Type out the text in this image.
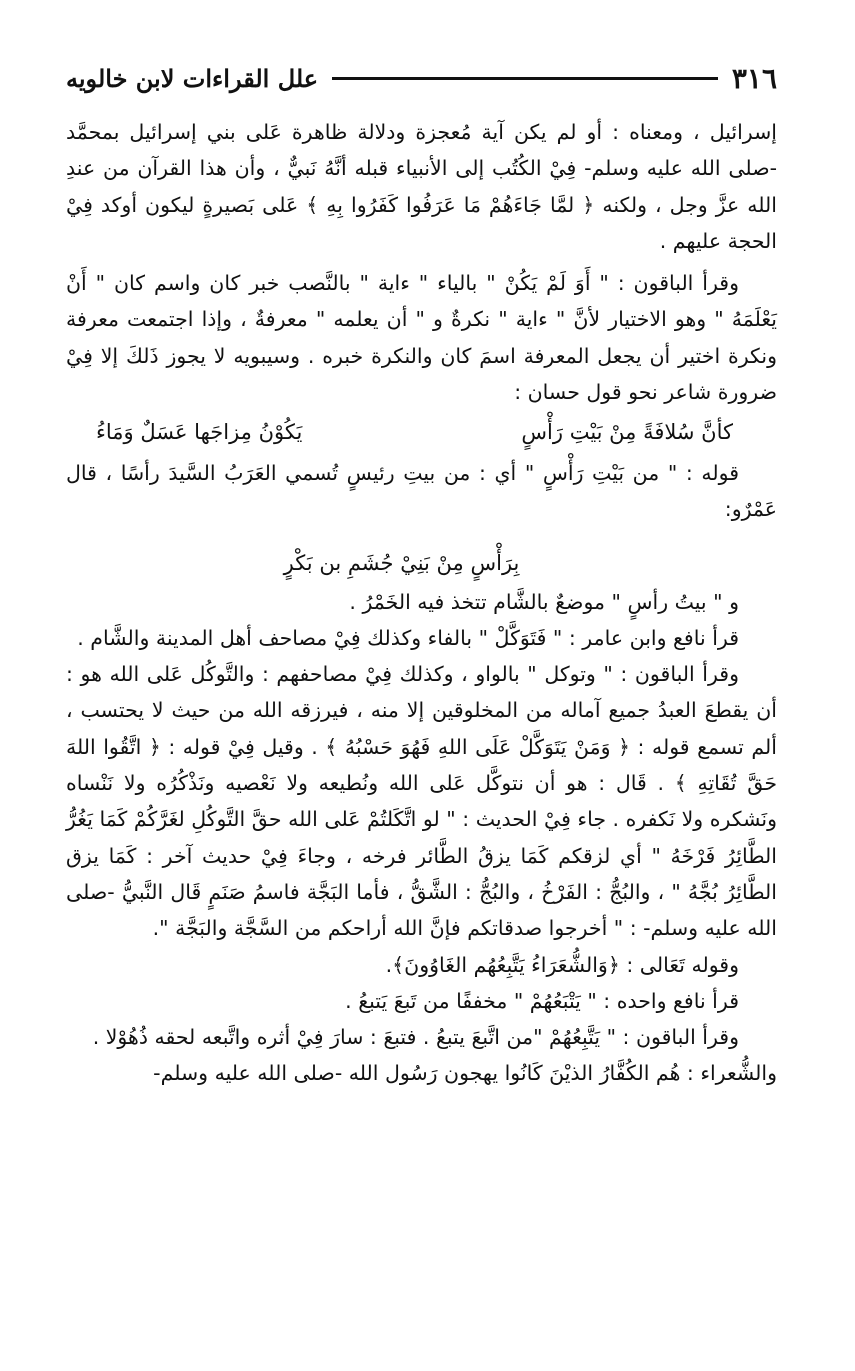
٣١٦
علل القراءات لابن خالويه

إسرائيل ، ومعناه : أو لم يكن آية مُعجزة ودلالة ظاهرة عَلى بني إسرائيل بمحمَّد -صلى الله عليه وسلم- فِيْ الكُتُب إلى الأنبياء قبله أنَّهُ نَبيٌّ ، وأن هذا القرآن من عندِ الله عزَّ وجل ، ولكنه ﴿ لمَّا جَاءَهُمْ مَا عَرَفُوا كَفَرُوا بِهِ ﴾ عَلى بَصيرةٍ ليكون أوكد فِيْ الحجة عليهم .

وقرأ الباقون : " أَوَ لَمْ يَكُنْ " بالياء " ءاية " بالنَّصب خبر كان واسم كان " أَنْ يَعْلَمَهُ " وهو الاختيار لأنَّ " ءاية " نكرةٌ و " أن يعلمه " معرفةٌ ، وإذا اجتمعت معرفة ونكرة اختير أن يجعل المعرفة اسمَ كان والنكرة خبره . وسيبويه لا يجوز ذَلكَ إلا فِيْ ضرورة شاعر نحو قول حسان :

كأنَّ سُلافَةً مِنْ بَيْتِ رَأْسٍ
يَكُوْنُ مِزاجَها عَسَلٌ وَمَاءُ

قوله : " من بَيْتِ رَأْسٍ " أي : من بيتِ رئيسٍ تُسمي العَرَبُ السَّيدَ رأسًا ، قال عَمْرٌو:

بِرَأْسٍ مِنْ بَنِيْ جُشَمِ بن بَكْرٍ

و " بيتُ رأسٍ " موضعٌ بالشَّام تتخذ فيه الخَمْرُ .

قرأ نافع وابن عامر : " فَتَوَكَّلْ " بالفاء وكذلك فِيْ مصاحف أهل المدينة والشَّام .

وقرأ الباقون : " وتوكل " بالواو ، وكذلك فِيْ مصاحفهم : والتَّوكُل عَلى الله هو : أن يقطعَ العبدُ جميع آماله من المخلوقين إلا منه ، فيرزقه الله من حيث لا يحتسب ، ألم تسمع قوله : ﴿ وَمَنْ يَتَوَكَّلْ عَلَى اللهِ فَهُوَ حَسْبُهُ ﴾ . وقيل فِيْ قوله : ﴿ اتَّقُوا اللهَ حَقَّ تُقَاتِهِ ﴾ . قَال : هو أن نتوكَّل عَلى الله ونُطيعه ولا نَعْصيه ونَذْكُرُه ولا نَنْساه ونَشكره ولا نَكفره . جاء فِيْ الحديث : " لو اتَّكَلتُمْ عَلى الله حقَّ التَّوكُلِ لغَرَّكُمْ كَمَا يَغُرُّ الطَّائِرُ فَرْخَهُ " أي لزقكم كَمَا يزقُ الطَّائر فرخه ، وجاءَ فِيْ حديث آخر : كَمَا يزق الطَّائِرُ بُجَّهُ " ، والبُجُّ : الفَرْخُ ، والبُجُّ : الشَّقُّ ، فأما البَجَّة فاسمُ صَنَمٍ قَال النَّبيُّ -صلى الله عليه وسلم- : " أخرجوا صدقاتكم فإنَّ الله أراحكم من السَّجَّة والبَجَّة ".

وقوله تَعَالى : ﴿وَالشُّعَرَاءُ يَتَّبِعُهُم الغَاوُونَ﴾.

قرأ نافع واحده : " يَتْبَعُهُمْ " مخففًا من تَبعَ يَتبعُ .

وقرأ الباقون : " يَتَّبِعُهُمْ "من اتَّبعَ يتبعُ . فتبعَ : سارَ فِيْ أثره واتَّبعه لحقه ذُهُوْلا .

والشُّعراء : هُم الكُفَّارُ الذيْنَ كَانُوا يهجون رَسُول الله -صلى الله عليه وسلم-
